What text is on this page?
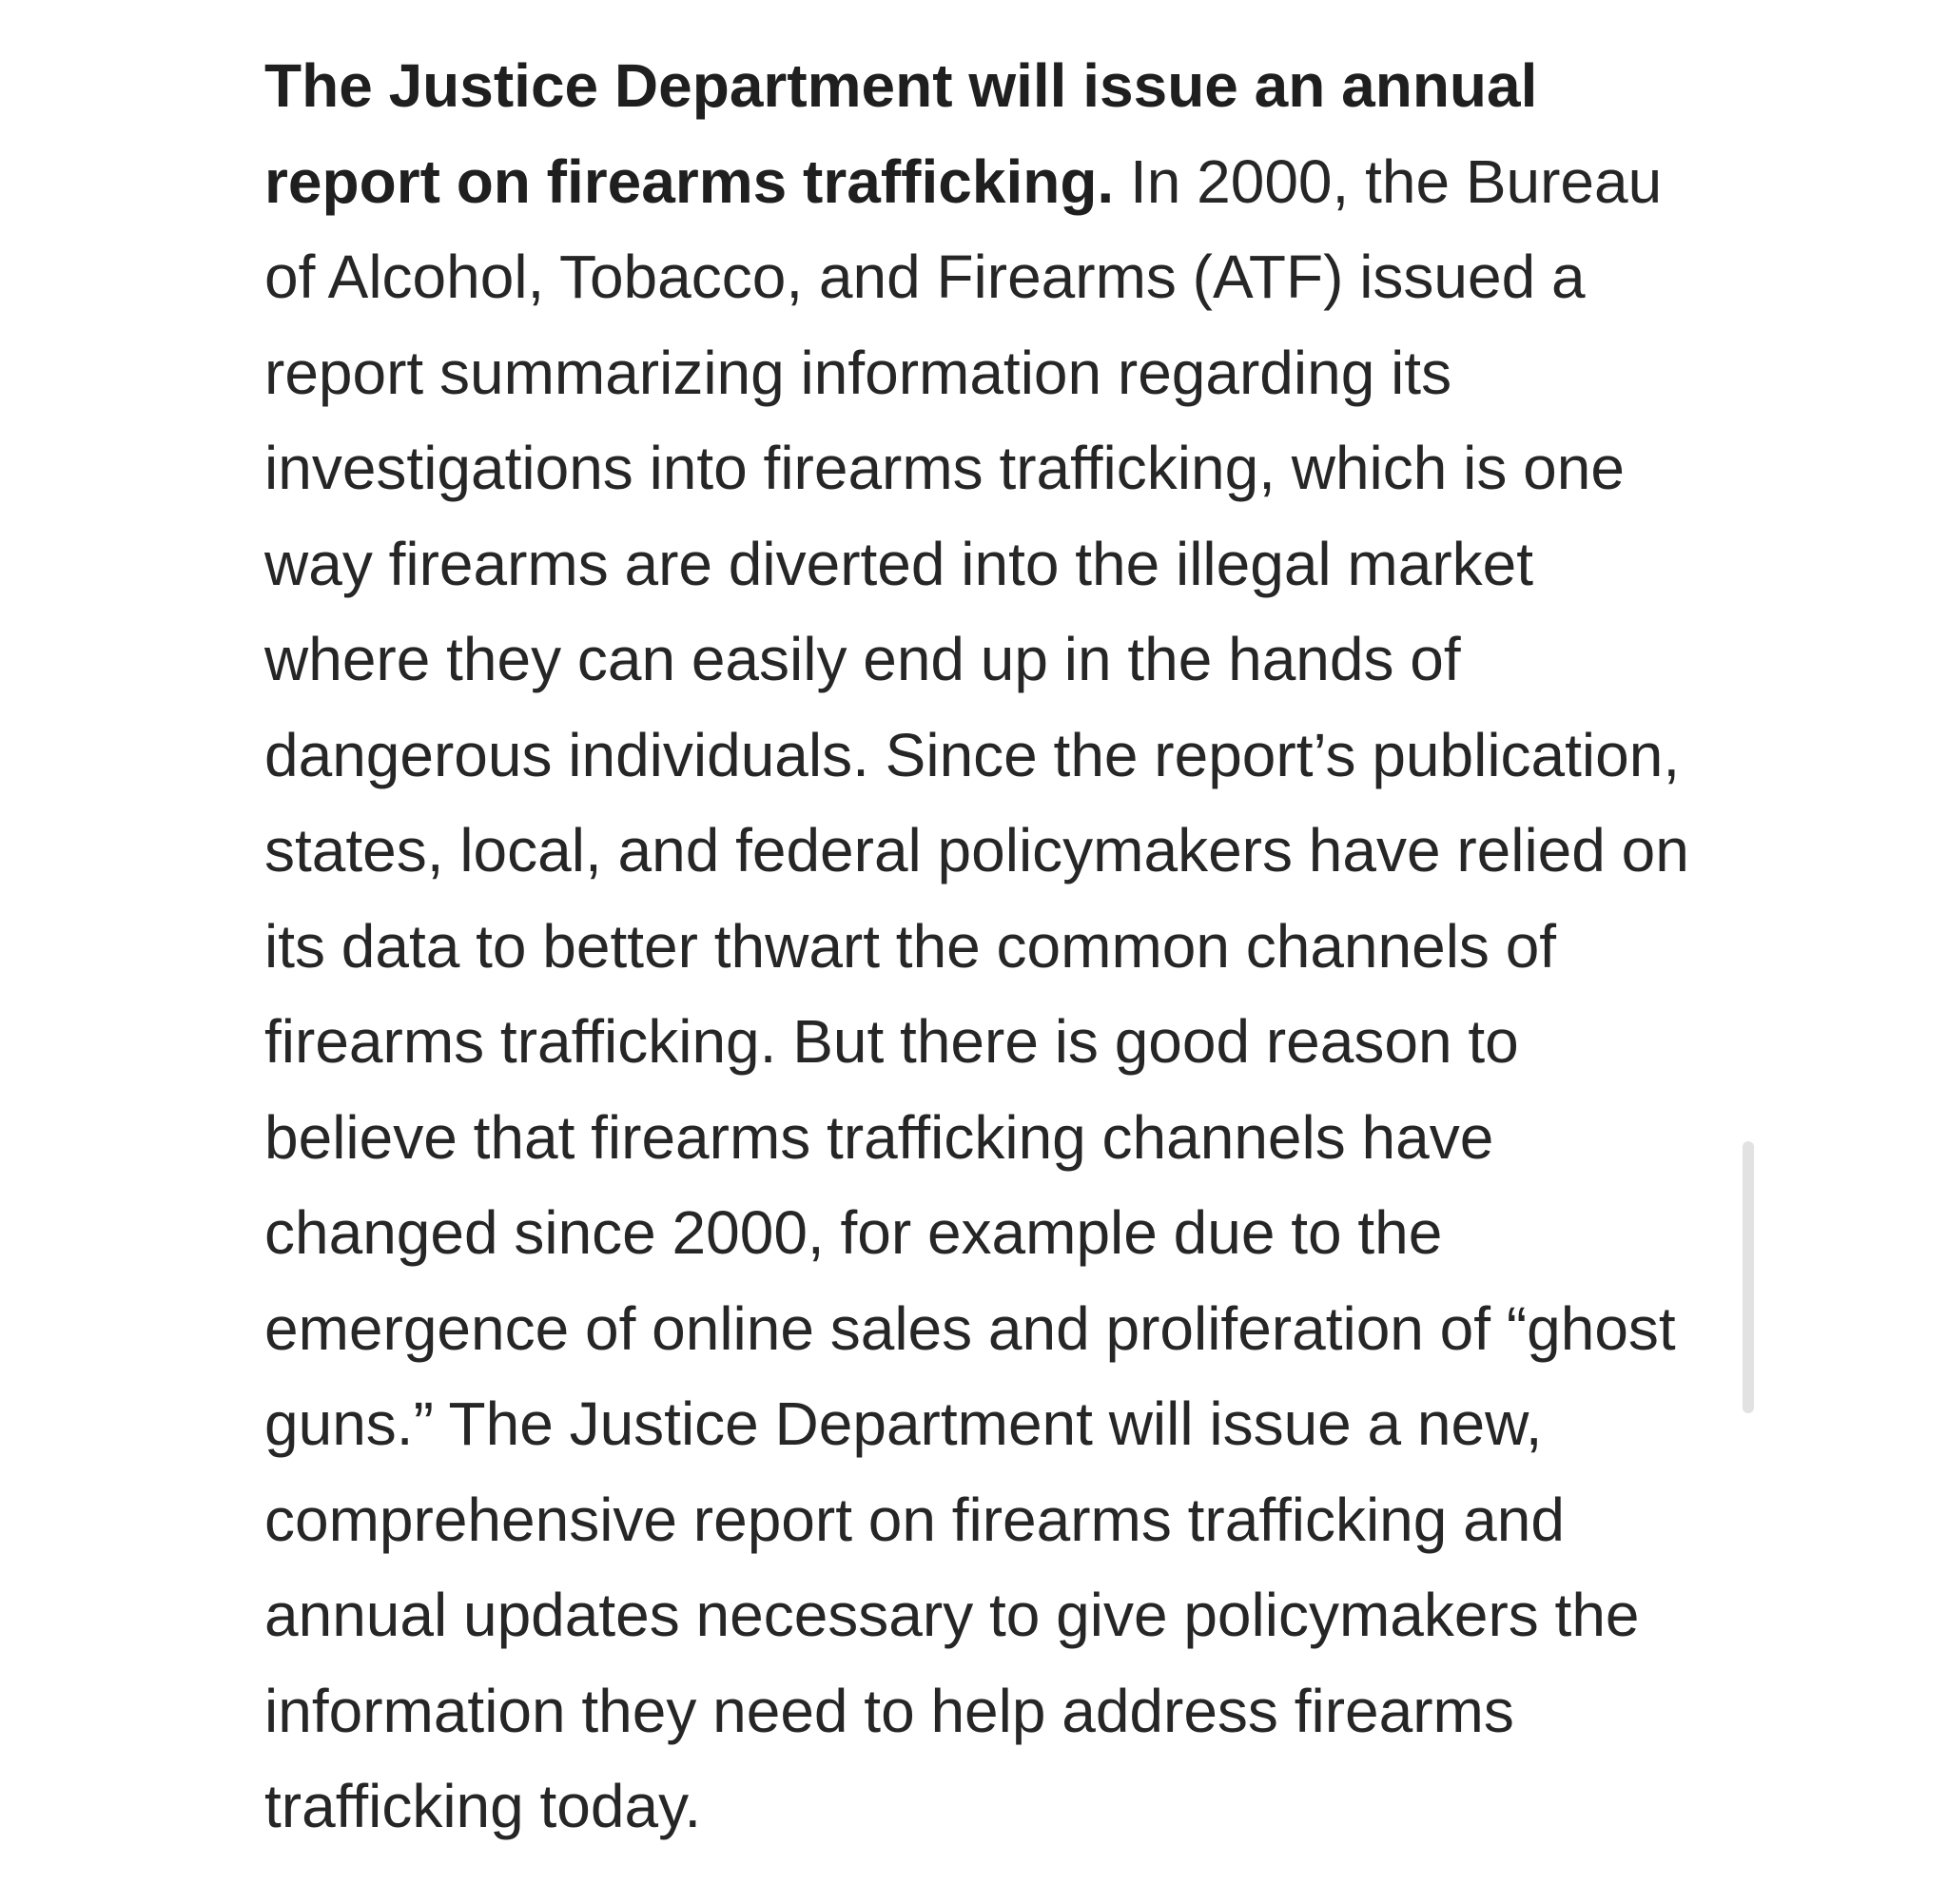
The Justice Department will issue an annual report on firearms trafficking. In 2000, the Bureau of Alcohol, Tobacco, and Firearms (ATF) issued a report summarizing information regarding its investigations into firearms trafficking, which is one way firearms are diverted into the illegal market where they can easily end up in the hands of dangerous individuals. Since the report’s publication, states, local, and federal policymakers have relied on its data to better thwart the common channels of firearms trafficking. But there is good reason to believe that firearms trafficking channels have changed since 2000, for example due to the emergence of online sales and proliferation of “ghost guns.” The Justice Department will issue a new, comprehensive report on firearms trafficking and annual updates necessary to give policymakers the information they need to help address firearms trafficking today.
